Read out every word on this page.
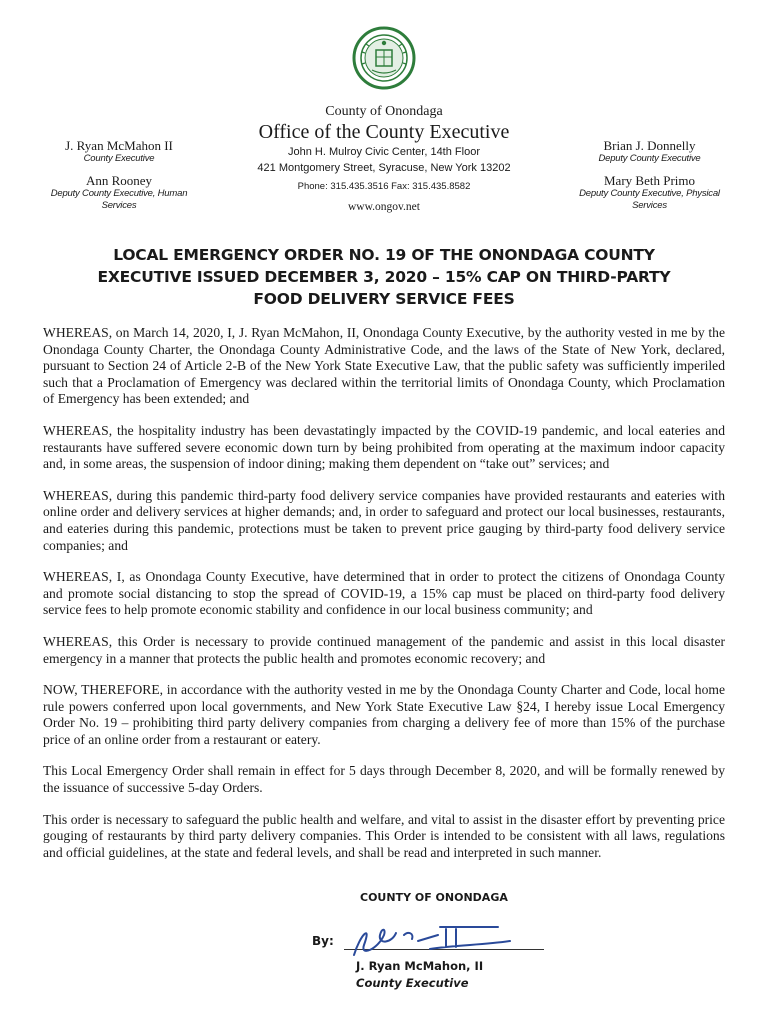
J. Ryan McMahon II
County Executive
Ann Rooney
Deputy County Executive, Human Services
County of Onondaga
Office of the County Executive
John H. Mulroy Civic Center, 14th Floor
421 Montgomery Street, Syracuse, New York 13202
Phone: 315.435.3516 Fax: 315.435.8582
www.ongov.net
Brian J. Donnelly
Deputy County Executive
Mary Beth Primo
Deputy County Executive, Physical Services
LOCAL EMERGENCY ORDER NO. 19 OF THE ONONDAGA COUNTY
EXECUTIVE ISSUED DECEMBER 3, 2020 – 15% CAP ON THIRD-PARTY
FOOD DELIVERY SERVICE FEES

WHEREAS, on March 14, 2020, I, J. Ryan McMahon, II, Onondaga County Executive, by the authority vested in me by the Onondaga County Charter, the Onondaga County Administrative Code, and the laws of the State of New York, declared, pursuant to Section 24 of Article 2-B of the New York State Executive Law, that the public safety was sufficiently imperiled such that a Proclamation of Emergency was declared within the territorial limits of Onondaga County, which Proclamation of Emergency has been extended; and

WHEREAS, the hospitality industry has been devastatingly impacted by the COVID-19 pandemic, and local eateries and restaurants have suffered severe economic down turn by being prohibited from operating at the maximum indoor capacity and, in some areas, the suspension of indoor dining; making them dependent on “take out” services; and

WHEREAS, during this pandemic third-party food delivery service companies have provided restaurants and eateries with online order and delivery services at higher demands; and, in order to safeguard and protect our local businesses, restaurants, and eateries during this pandemic, protections must be taken to prevent price gauging by third-party food delivery service companies; and

WHEREAS, I, as Onondaga County Executive, have determined that in order to protect the citizens of Onondaga County and promote social distancing to stop the spread of COVID-19, a 15% cap must be placed on third-party food delivery service fees to help promote economic stability and confidence in our local business community; and

WHEREAS, this Order is necessary to provide continued management of the pandemic and assist in this local disaster emergency in a manner that protects the public health and promotes economic recovery; and

NOW, THEREFORE, in accordance with the authority vested in me by the Onondaga County Charter and Code, local home rule powers conferred upon local governments, and New York State Executive Law §24, I hereby issue Local Emergency Order No. 19 – prohibiting third party delivery companies from charging a delivery fee of more than 15% of the purchase price of an online order from a restaurant or eatery.

This Local Emergency Order shall remain in effect for 5 days through December 8, 2020, and will be formally renewed by the issuance of successive 5-day Orders.

This order is necessary to safeguard the public health and welfare, and vital to assist in the disaster effort by preventing price gouging of restaurants by third party delivery companies. This Order is intended to be consistent with all laws, regulations and official guidelines, at the state and federal levels, and shall be read and interpreted in such manner.

COUNTY OF ONONDAGA
By:
J. Ryan McMahon, II
County Executive
